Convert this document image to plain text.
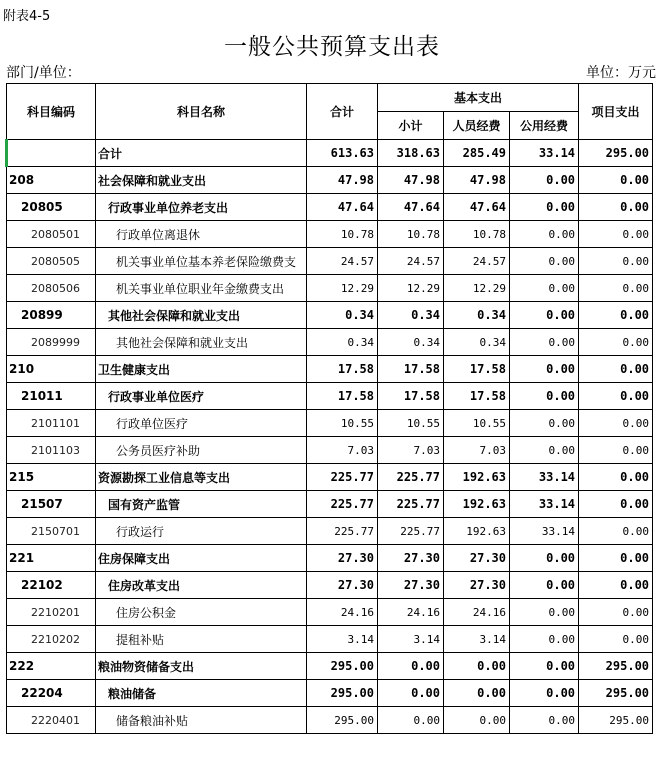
附表4-5
一般公共预算支出表
部门/单位：	单位：万元
科目编码	科目名称	合计	基本支出			项目支出
			小计	人员经费	公用经费	
	合计	613.63	318.63	285.49	33.14	295.00
208	社会保障和就业支出	47.98	47.98	47.98	0.00	0.00
20805	行政事业单位养老支出	47.64	47.64	47.64	0.00	0.00
2080501	行政单位离退休	10.78	10.78	10.78	0.00	0.00
2080505	机关事业单位基本养老保险缴费支	24.57	24.57	24.57	0.00	0.00
2080506	机关事业单位职业年金缴费支出	12.29	12.29	12.29	0.00	0.00
20899	其他社会保障和就业支出	0.34	0.34	0.34	0.00	0.00
2089999	其他社会保障和就业支出	0.34	0.34	0.34	0.00	0.00
210	卫生健康支出	17.58	17.58	17.58	0.00	0.00
21011	行政事业单位医疗	17.58	17.58	17.58	0.00	0.00
2101101	行政单位医疗	10.55	10.55	10.55	0.00	0.00
2101103	公务员医疗补助	7.03	7.03	7.03	0.00	0.00
215	资源勘探工业信息等支出	225.77	225.77	192.63	33.14	0.00
21507	国有资产监管	225.77	225.77	192.63	33.14	0.00
2150701	行政运行	225.77	225.77	192.63	33.14	0.00
221	住房保障支出	27.30	27.30	27.30	0.00	0.00
22102	住房改革支出	27.30	27.30	27.30	0.00	0.00
2210201	住房公积金	24.16	24.16	24.16	0.00	0.00
2210202	提租补贴	3.14	3.14	3.14	0.00	0.00
222	粮油物资储备支出	295.00	0.00	0.00	0.00	295.00
22204	粮油储备	295.00	0.00	0.00	0.00	295.00
2220401	储备粮油补贴	295.00	0.00	0.00	0.00	295.00
